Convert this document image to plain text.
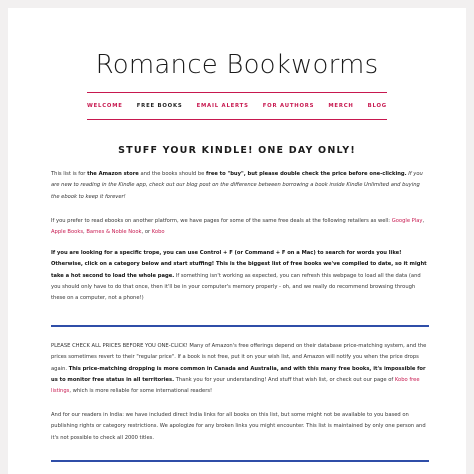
Romance Bookworms
WELCOME	FREE BOOKS	EMAIL ALERTS	FOR AUTHORS	MERCH	BLOG
STUFF YOUR KINDLE! ONE DAY ONLY!

This list is for the Amazon store and the books should be free to "buy", but please double check the price before one-clicking. If you are new to reading in the Kindle app, check out our blog post on the difference between borrowing a book inside Kindle Unlimited and buying the ebook to keep it forever!

If you prefer to read ebooks on another platform, we have pages for some of the same free deals at the following retailers as well: Google Play, Apple Books, Barnes & Noble Nook, or Kobo

If you are looking for a specific trope, you can use Control + F (or Command + F on a Mac) to search for words you like! Otherwise, click on a category below and start stuffing! This is the biggest list of free books we've compiled to date, so it might take a hot second to load the whole page. If something isn't working as expected, you can refresh this webpage to load all the data (and you should only have to do that once, then it'll be in your computer's memory properly - oh, and we really do recommend browsing through these on a computer, not a phone!)

PLEASE CHECK ALL PRICES BEFORE YOU ONE-CLICK! Many of Amazon's free offerings depend on their database price-matching system, and the prices sometimes revert to their "regular price". If a book is not free, put it on your wish list, and Amazon will notify you when the price drops again. This price-matching dropping is more common in Canada and Australia, and with this many free books, it's impossible for us to monitor free status in all territories. Thank you for your understanding! And stuff that wish list, or check out our page of Kobo free listings, which is more reliable for some international readers!

And for our readers in India: we have included direct India links for all books on this list, but some might not be available to you based on publishing rights or category restrictions. We apologize for any broken links you might encounter. This list is maintained by only one person and it's not possible to check all 2000 titles.
